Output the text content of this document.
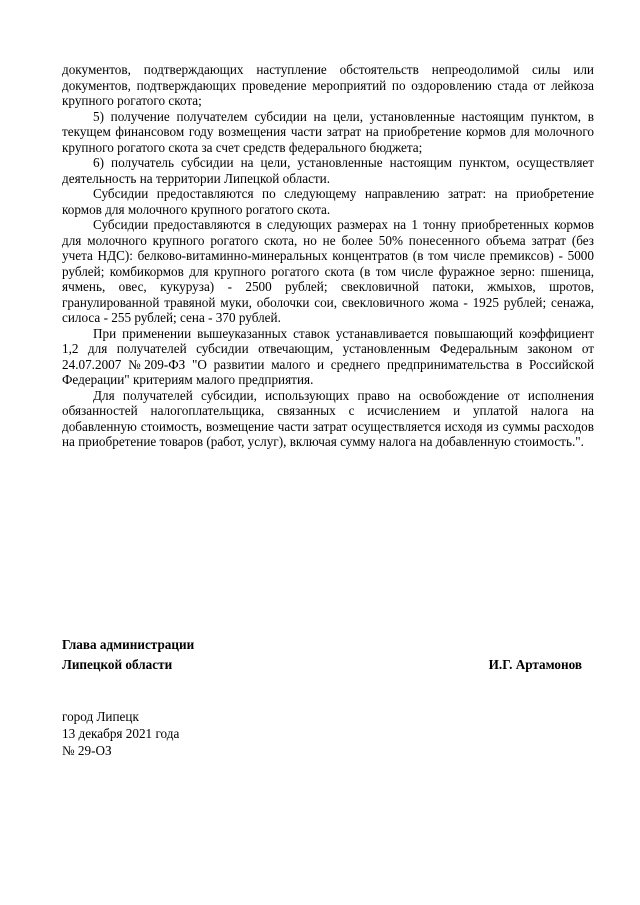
документов, подтверждающих наступление обстоятельств непреодолимой силы или документов, подтверждающих проведение мероприятий по оздоровлению стада от лейкоза крупного рогатого скота;

5) получение получателем субсидии на цели, установленные настоящим пунктом, в текущем финансовом году возмещения части затрат на приобретение кормов для молочного крупного рогатого скота за счет средств федерального бюджета;

6) получатель субсидии на цели, установленные настоящим пунктом, осуществляет деятельность на территории Липецкой области.

Субсидии предоставляются по следующему направлению затрат: на приобретение кормов для молочного крупного рогатого скота.

Субсидии предоставляются в следующих размерах на 1 тонну приобретенных кормов для молочного крупного рогатого скота, но не более 50% понесенного объема затрат (без учета НДС): белково-витаминно-минеральных концентратов (в том числе премиксов) - 5000 рублей; комбикормов для крупного рогатого скота (в том числе фуражное зерно: пшеница, ячмень, овес, кукуруза) - 2500 рублей; свекловичной патоки, жмыхов, шротов, гранулированной травяной муки, оболочки сои, свекловичного жома - 1925 рублей; сенажа, силоса - 255 рублей; сена - 370 рублей.

При применении вышеуказанных ставок устанавливается повышающий коэффициент 1,2 для получателей субсидии отвечающим, установленным Федеральным законом от 24.07.2007 №209-ФЗ "О развитии малого и среднего предпринимательства в Российской Федерации" критериям малого предприятия.

Для получателей субсидии, использующих право на освобождение от исполнения обязанностей налогоплательщика, связанных с исчислением и уплатой налога на добавленную стоимость, возмещение части затрат осуществляется исходя из суммы расходов на приобретение товаров (работ, услуг), включая сумму налога на добавленную стоимость.".

Глава администрации
Липецкой области	И.Г. Артамонов
город Липецк
13 декабря 2021 года
№ 29-ОЗ
